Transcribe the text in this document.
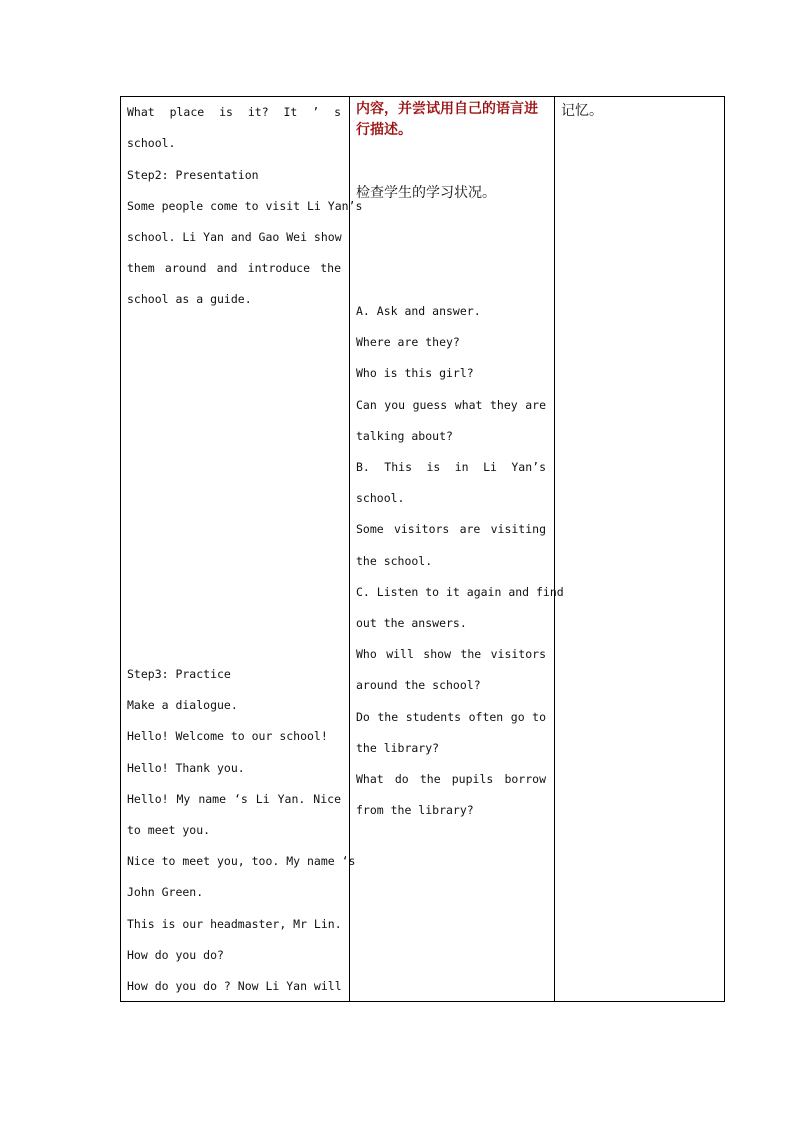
What place is it? It ’ s
school.
Step2: Presentation
Some people come to visit Li Yan’s
school. Li Yan and Gao Wei show
them around and introduce the
school as a guide.
Step3: Practice
Make a dialogue.
Hello! Welcome to our school!
Hello! Thank you.
Hello! My name ‘s Li Yan. Nice
to meet you.
Nice to meet you, too. My name ‘s
John Green.
This is our headmaster, Mr Lin.
How do you do?
How do you do ? Now Li Yan will

内容，并尝试用自己的语言进
行描述。
检查学生的学习状况。
A. Ask and answer.
Where are they?
Who is this girl?
Can you guess what they are
talking about?
B. This is in Li Yan’s
school.
Some visitors are visiting
the school.
C. Listen to it again and find
out the answers.
Who will show the visitors
around the school?
Do the students often go to
the library?
What do the pupils borrow
from the library?

记忆。
